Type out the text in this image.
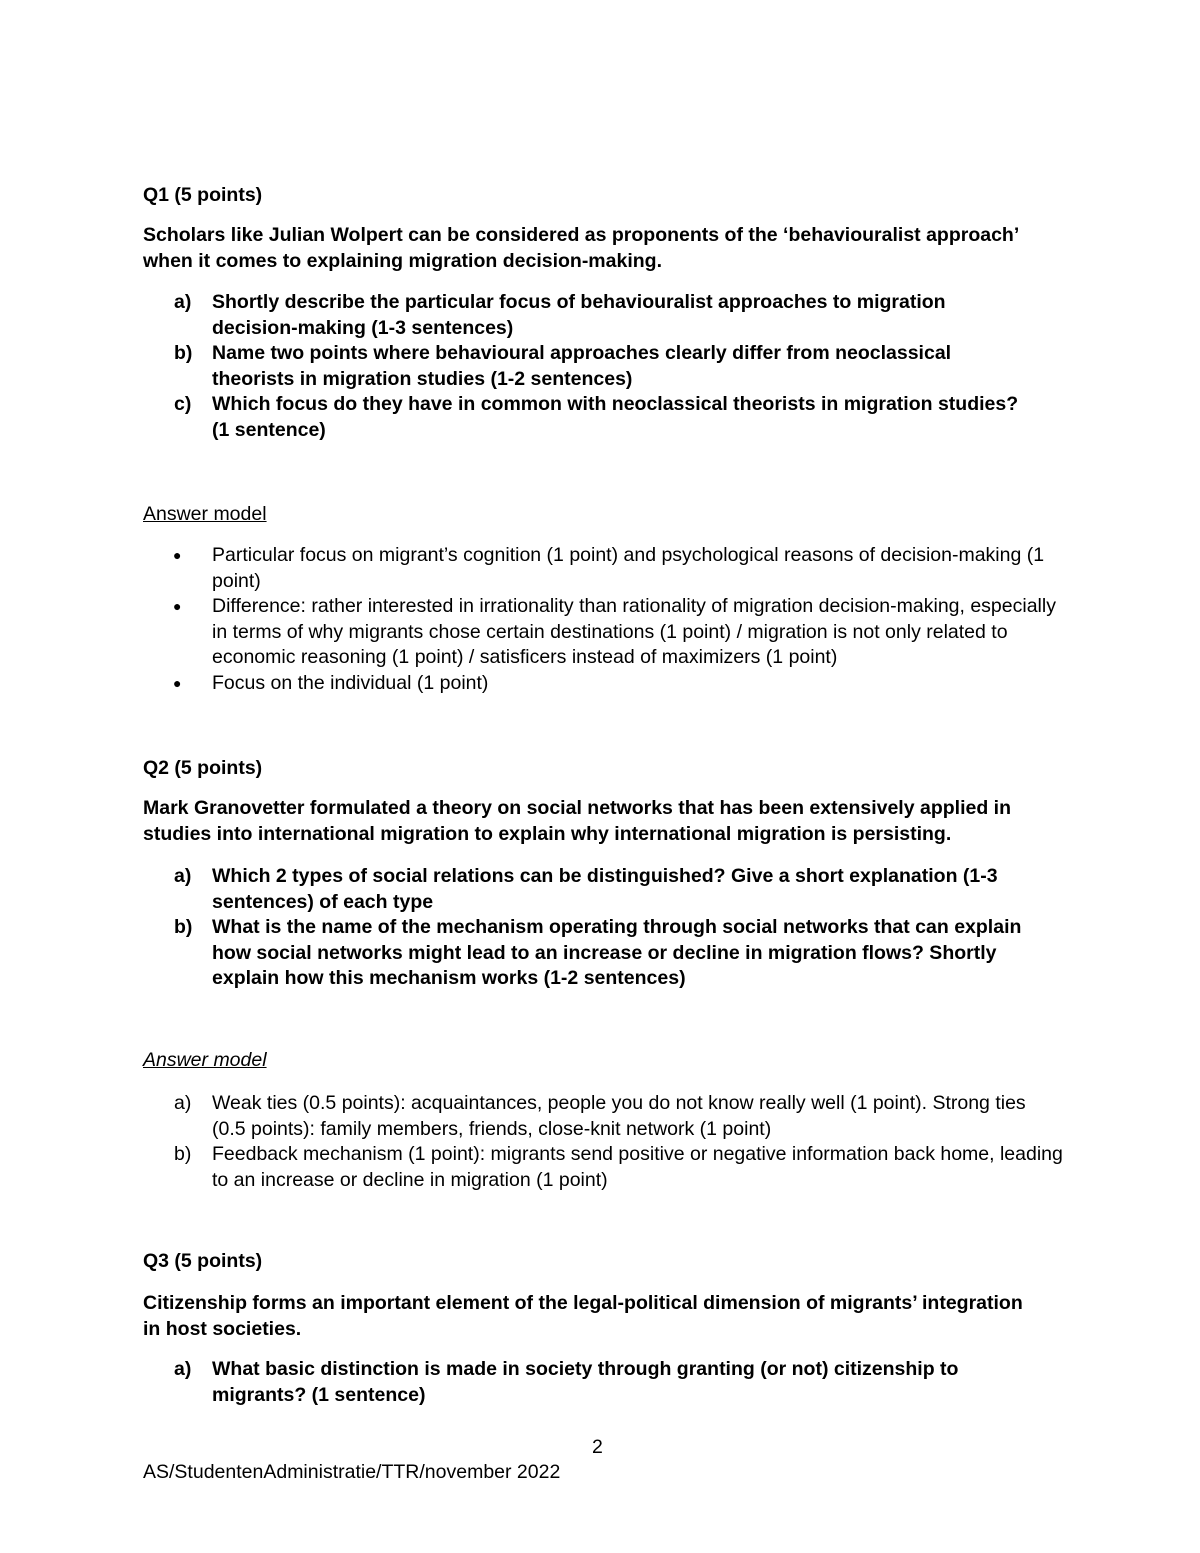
Q1 (5 points)
Scholars like Julian Wolpert can be considered as proponents of the ‘behaviouralist approach’ when it comes to explaining migration decision-making.
a) Shortly describe the particular focus of behaviouralist approaches to migration decision-making (1-3 sentences)
b) Name two points where behavioural approaches clearly differ from neoclassical theorists in migration studies (1-2 sentences)
c) Which focus do they have in common with neoclassical theorists in migration studies? (1 sentence)
Answer model
● Particular focus on migrant’s cognition (1 point) and psychological reasons of decision-making (1 point)
● Difference: rather interested in irrationality than rationality of migration decision-making, especially in terms of why migrants chose certain destinations (1 point) / migration is not only related to economic reasoning (1 point) / satisficers instead of maximizers (1 point)
● Focus on the individual (1 point)
Q2 (5 points)
Mark Granovetter formulated a theory on social networks that has been extensively applied in studies into international migration to explain why international migration is persisting.
a) Which 2 types of social relations can be distinguished? Give a short explanation (1-3 sentences) of each type
b) What is the name of the mechanism operating through social networks that can explain how social networks might lead to an increase or decline in migration flows? Shortly explain how this mechanism works (1-2 sentences)
Answer model
a) Weak ties (0.5 points): acquaintances, people you do not know really well (1 point). Strong ties (0.5 points): family members, friends, close-knit network (1 point)
b) Feedback mechanism (1 point): migrants send positive or negative information back home, leading to an increase or decline in migration (1 point)
Q3 (5 points)
Citizenship forms an important element of the legal-political dimension of migrants’ integration in host societies.
a) What basic distinction is made in society through granting (or not) citizenship to migrants? (1 sentence)
2
AS/StudentenAdministratie/TTR/november 2022
